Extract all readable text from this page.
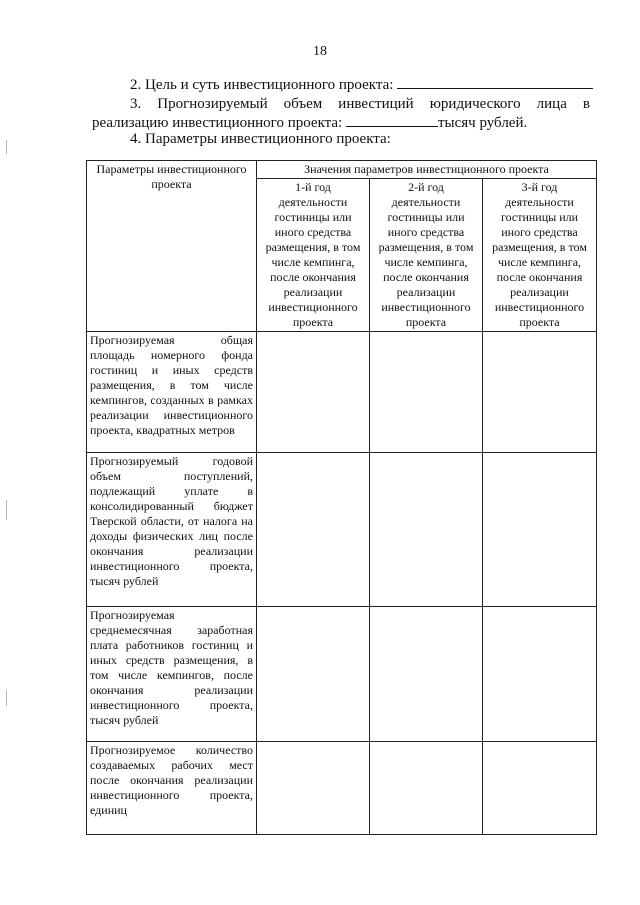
18
2. Цель и суть инвестиционного проекта:
3. Прогнозируемый объем инвестиций юридического лица в
реализацию инвестиционного проекта:	тысяч рублей.
4. Параметры инвестиционного проекта:
Параметры инвестиционного проекта	Значения параметров инвестиционного проекта		
	1-й год деятельности гостиницы или иного средства размещения, в том числе кемпинга, после окончания реализации инвестиционного проекта	2-й год деятельности гостиницы или иного средства размещения, в том числе кемпинга, после окончания реализации инвестиционного проекта	3-й год деятельности гостиницы или иного средства размещения, в том числе кемпинга, после окончания реализации инвестиционного проекта
Прогнозируемая общая площадь номерного фонда гостиниц и иных средств размещения, в том числе кемпингов, созданных в рамках реализации инвестиционного проекта, квадратных метров			
Прогнозируемый годовой объем поступлений, подлежащий уплате в консолидированный бюджет Тверской области, от налога на доходы физических лиц после окончания реализации инвестиционного проекта, тысяч рублей			
Прогнозируемая среднемесячная заработная плата работников гостиниц и иных средств размещения, в том числе кемпингов, после окончания реализации инвестиционного проекта, тысяч рублей			
Прогнозируемое количество создаваемых рабочих мест после окончания реализации инвестиционного проекта, единиц			
